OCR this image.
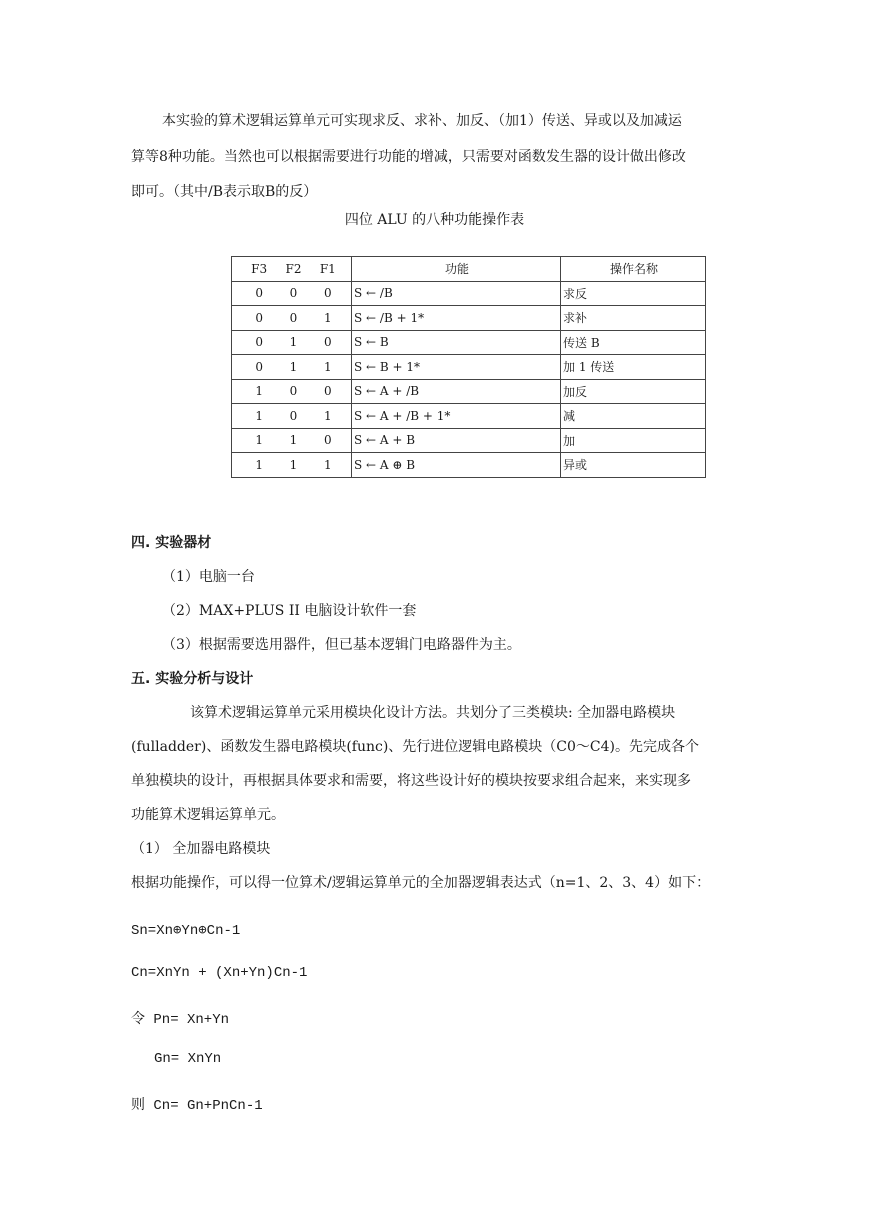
本实验的算术逻辑运算单元可实现求反、求补、加反、（加1）传送、异或以及加减运
算等8种功能。当然也可以根据需要进行功能的增减，只需要对函数发生器的设计做出修改
即可。（其中/B表示取B的反）
四位 ALU 的八种功能操作表
F3 F2 F1	功能	操作名称

0 0 0	S ← /B	求反

0 0 1	S ← /B + 1*	求补

0 1 0	S ← B	传送 B

0 1 1	S ← B + 1*	加 1 传送

1 0 0	S ← A + /B	加反

1 0 1	S ← A + /B + 1*	减

1 1 0	S ← A + B	加

1 1 1	S ← A ⊕ B	异或
四. 实验器材
（1）电脑一台
（2）MAX+PLUS II 电脑设计软件一套
（3）根据需要选用器件，但已基本逻辑门电路器件为主。
五. 实验分析与设计
该算术逻辑运算单元采用模块化设计方法。共划分了三类模块: 全加器电路模块
(fulladder)、函数发生器电路模块(func)、先行进位逻辑电路模块（C0～C4)。先完成各个
单独模块的设计，再根据具体要求和需要，将这些设计好的模块按要求组合起来，来实现多
功能算术逻辑运算单元。
（1） 全加器电路模块
根据功能操作，可以得一位算术/逻辑运算单元的全加器逻辑表达式（n=1、2、3、4）如下：
Sn=Xn⊕Yn⊕Cn-1
Cn=XnYn + (Xn+Yn)Cn-1
令 Pn= Xn+Yn
Gn= XnYn
则 Cn= Gn+PnCn-1
